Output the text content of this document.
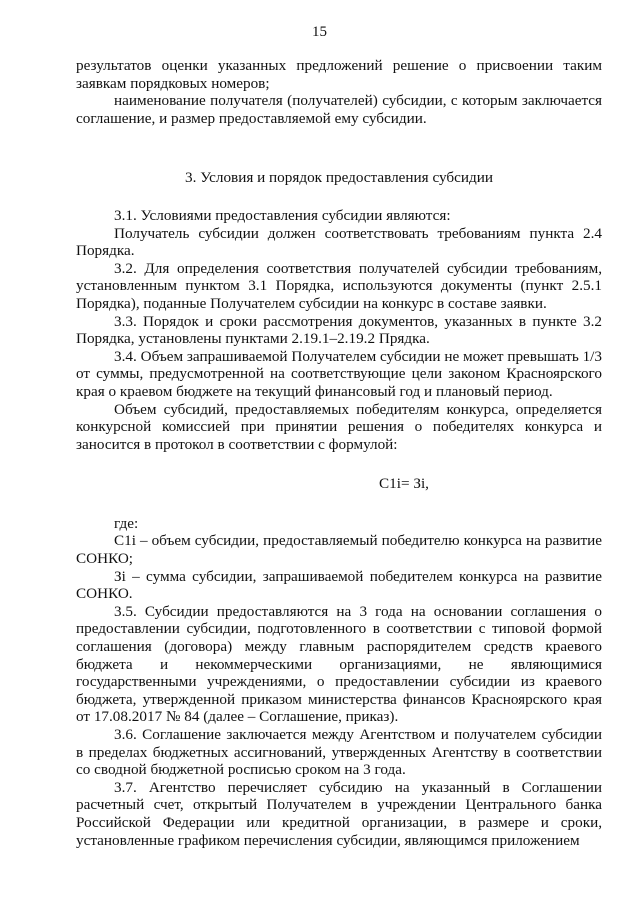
15

результатов оценки указанных предложений решение о присвоении таким заявкам порядковых номеров;

наименование получателя (получателей) субсидии, с которым заключается соглашение, и размер предоставляемой ему субсидии.

3. Условия и порядок предоставления субсидии

3.1. Условиями предоставления субсидии являются:

Получатель субсидии должен соответствовать требованиям пункта 2.4 Порядка.

3.2. Для определения соответствия получателей субсидии требованиям, установленным пунктом 3.1 Порядка, используются документы (пункт 2.5.1 Порядка), поданные Получателем субсидии на конкурс в составе заявки.

3.3. Порядок и сроки рассмотрения документов, указанных в пункте 3.2 Порядка, установлены пунктами 2.19.1–2.19.2 Прядка.

3.4. Объем запрашиваемой Получателем субсидии не может превышать 1/3 от суммы, предусмотренной на соответствующие цели законом Красноярского края о краевом бюджете на текущий финансовый год и плановый период.

Объем субсидий, предоставляемых победителям конкурса, определяется конкурсной комиссией при принятии решения о победителях конкурса и заносится в протокол в соответствии с формулой:

С1i= Зi,

где:

С1i – объем субсидии, предоставляемый победителю конкурса на развитие СОНКО;

Зi – сумма субсидии, запрашиваемой победителем конкурса на развитие СОНКО.

3.5. Субсидии предоставляются на 3 года на основании соглашения о предоставлении субсидии, подготовленного в соответствии с типовой формой соглашения (договора) между главным распорядителем средств краевого бюджета и некоммерческими организациями, не являющимися государственными учреждениями, о предоставлении субсидии из краевого бюджета, утвержденной приказом министерства финансов Красноярского края от 17.08.2017 № 84 (далее – Соглашение, приказ).

3.6. Соглашение заключается между Агентством и получателем субсидии в пределах бюджетных ассигнований, утвержденных Агентству в соответствии со сводной бюджетной росписью сроком на 3 года.

3.7. Агентство перечисляет субсидию на указанный в Соглашении расчетный счет, открытый Получателем в учреждении Центрального банка Российской Федерации или кредитной организации, в размере и сроки, установленные графиком перечисления субсидии, являющимся приложением
